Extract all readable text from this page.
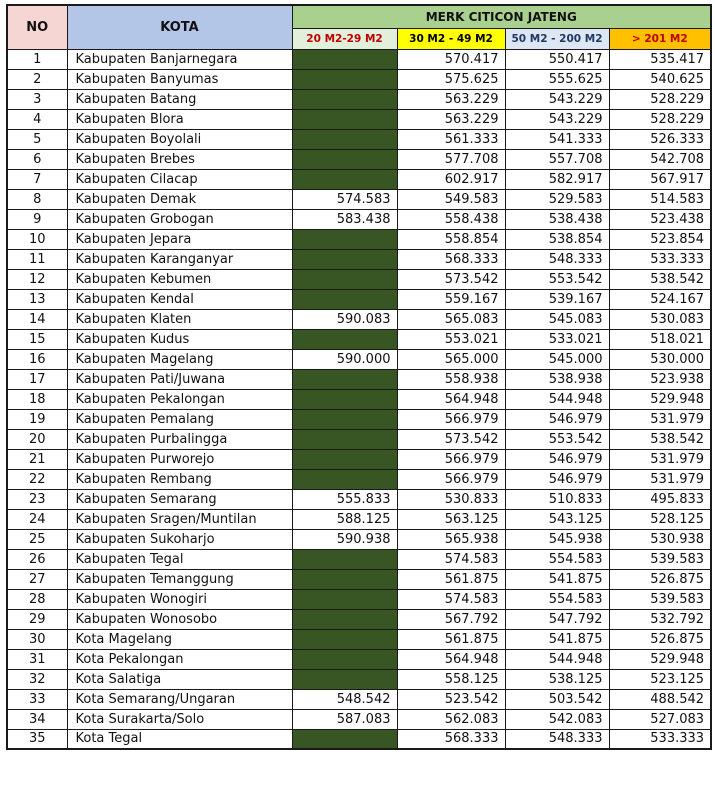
NO	KOTA	MERK CITICON JATENG			
		20 M2-29 M2	30 M2 - 49 M2	50 M2 - 200 M2	> 201 M2
1	Kabupaten Banjarnegara		570.417	550.417	535.417
2	Kabupaten Banyumas		575.625	555.625	540.625
3	Kabupaten Batang		563.229	543.229	528.229
4	Kabupaten Blora		563.229	543.229	528.229
5	Kabupaten Boyolali		561.333	541.333	526.333
6	Kabupaten Brebes		577.708	557.708	542.708
7	Kabupaten Cilacap		602.917	582.917	567.917
8	Kabupaten Demak	574.583	549.583	529.583	514.583
9	Kabupaten Grobogan	583.438	558.438	538.438	523.438
10	Kabupaten Jepara		558.854	538.854	523.854
11	Kabupaten Karanganyar		568.333	548.333	533.333
12	Kabupaten Kebumen		573.542	553.542	538.542
13	Kabupaten Kendal		559.167	539.167	524.167
14	Kabupaten Klaten	590.083	565.083	545.083	530.083
15	Kabupaten Kudus		553.021	533.021	518.021
16	Kabupaten Magelang	590.000	565.000	545.000	530.000
17	Kabupaten Pati/Juwana		558.938	538.938	523.938
18	Kabupaten Pekalongan		564.948	544.948	529.948
19	Kabupaten Pemalang		566.979	546.979	531.979
20	Kabupaten Purbalingga		573.542	553.542	538.542
21	Kabupaten Purworejo		566.979	546.979	531.979
22	Kabupaten Rembang		566.979	546.979	531.979
23	Kabupaten Semarang	555.833	530.833	510.833	495.833
24	Kabupaten Sragen/Muntilan	588.125	563.125	543.125	528.125
25	Kabupaten Sukoharjo	590.938	565.938	545.938	530.938
26	Kabupaten Tegal		574.583	554.583	539.583
27	Kabupaten Temanggung		561.875	541.875	526.875
28	Kabupaten Wonogiri		574.583	554.583	539.583
29	Kabupaten Wonosobo		567.792	547.792	532.792
30	Kota Magelang		561.875	541.875	526.875
31	Kota Pekalongan		564.948	544.948	529.948
32	Kota Salatiga		558.125	538.125	523.125
33	Kota Semarang/Ungaran	548.542	523.542	503.542	488.542
34	Kota Surakarta/Solo	587.083	562.083	542.083	527.083
35	Kota Tegal		568.333	548.333	533.333
